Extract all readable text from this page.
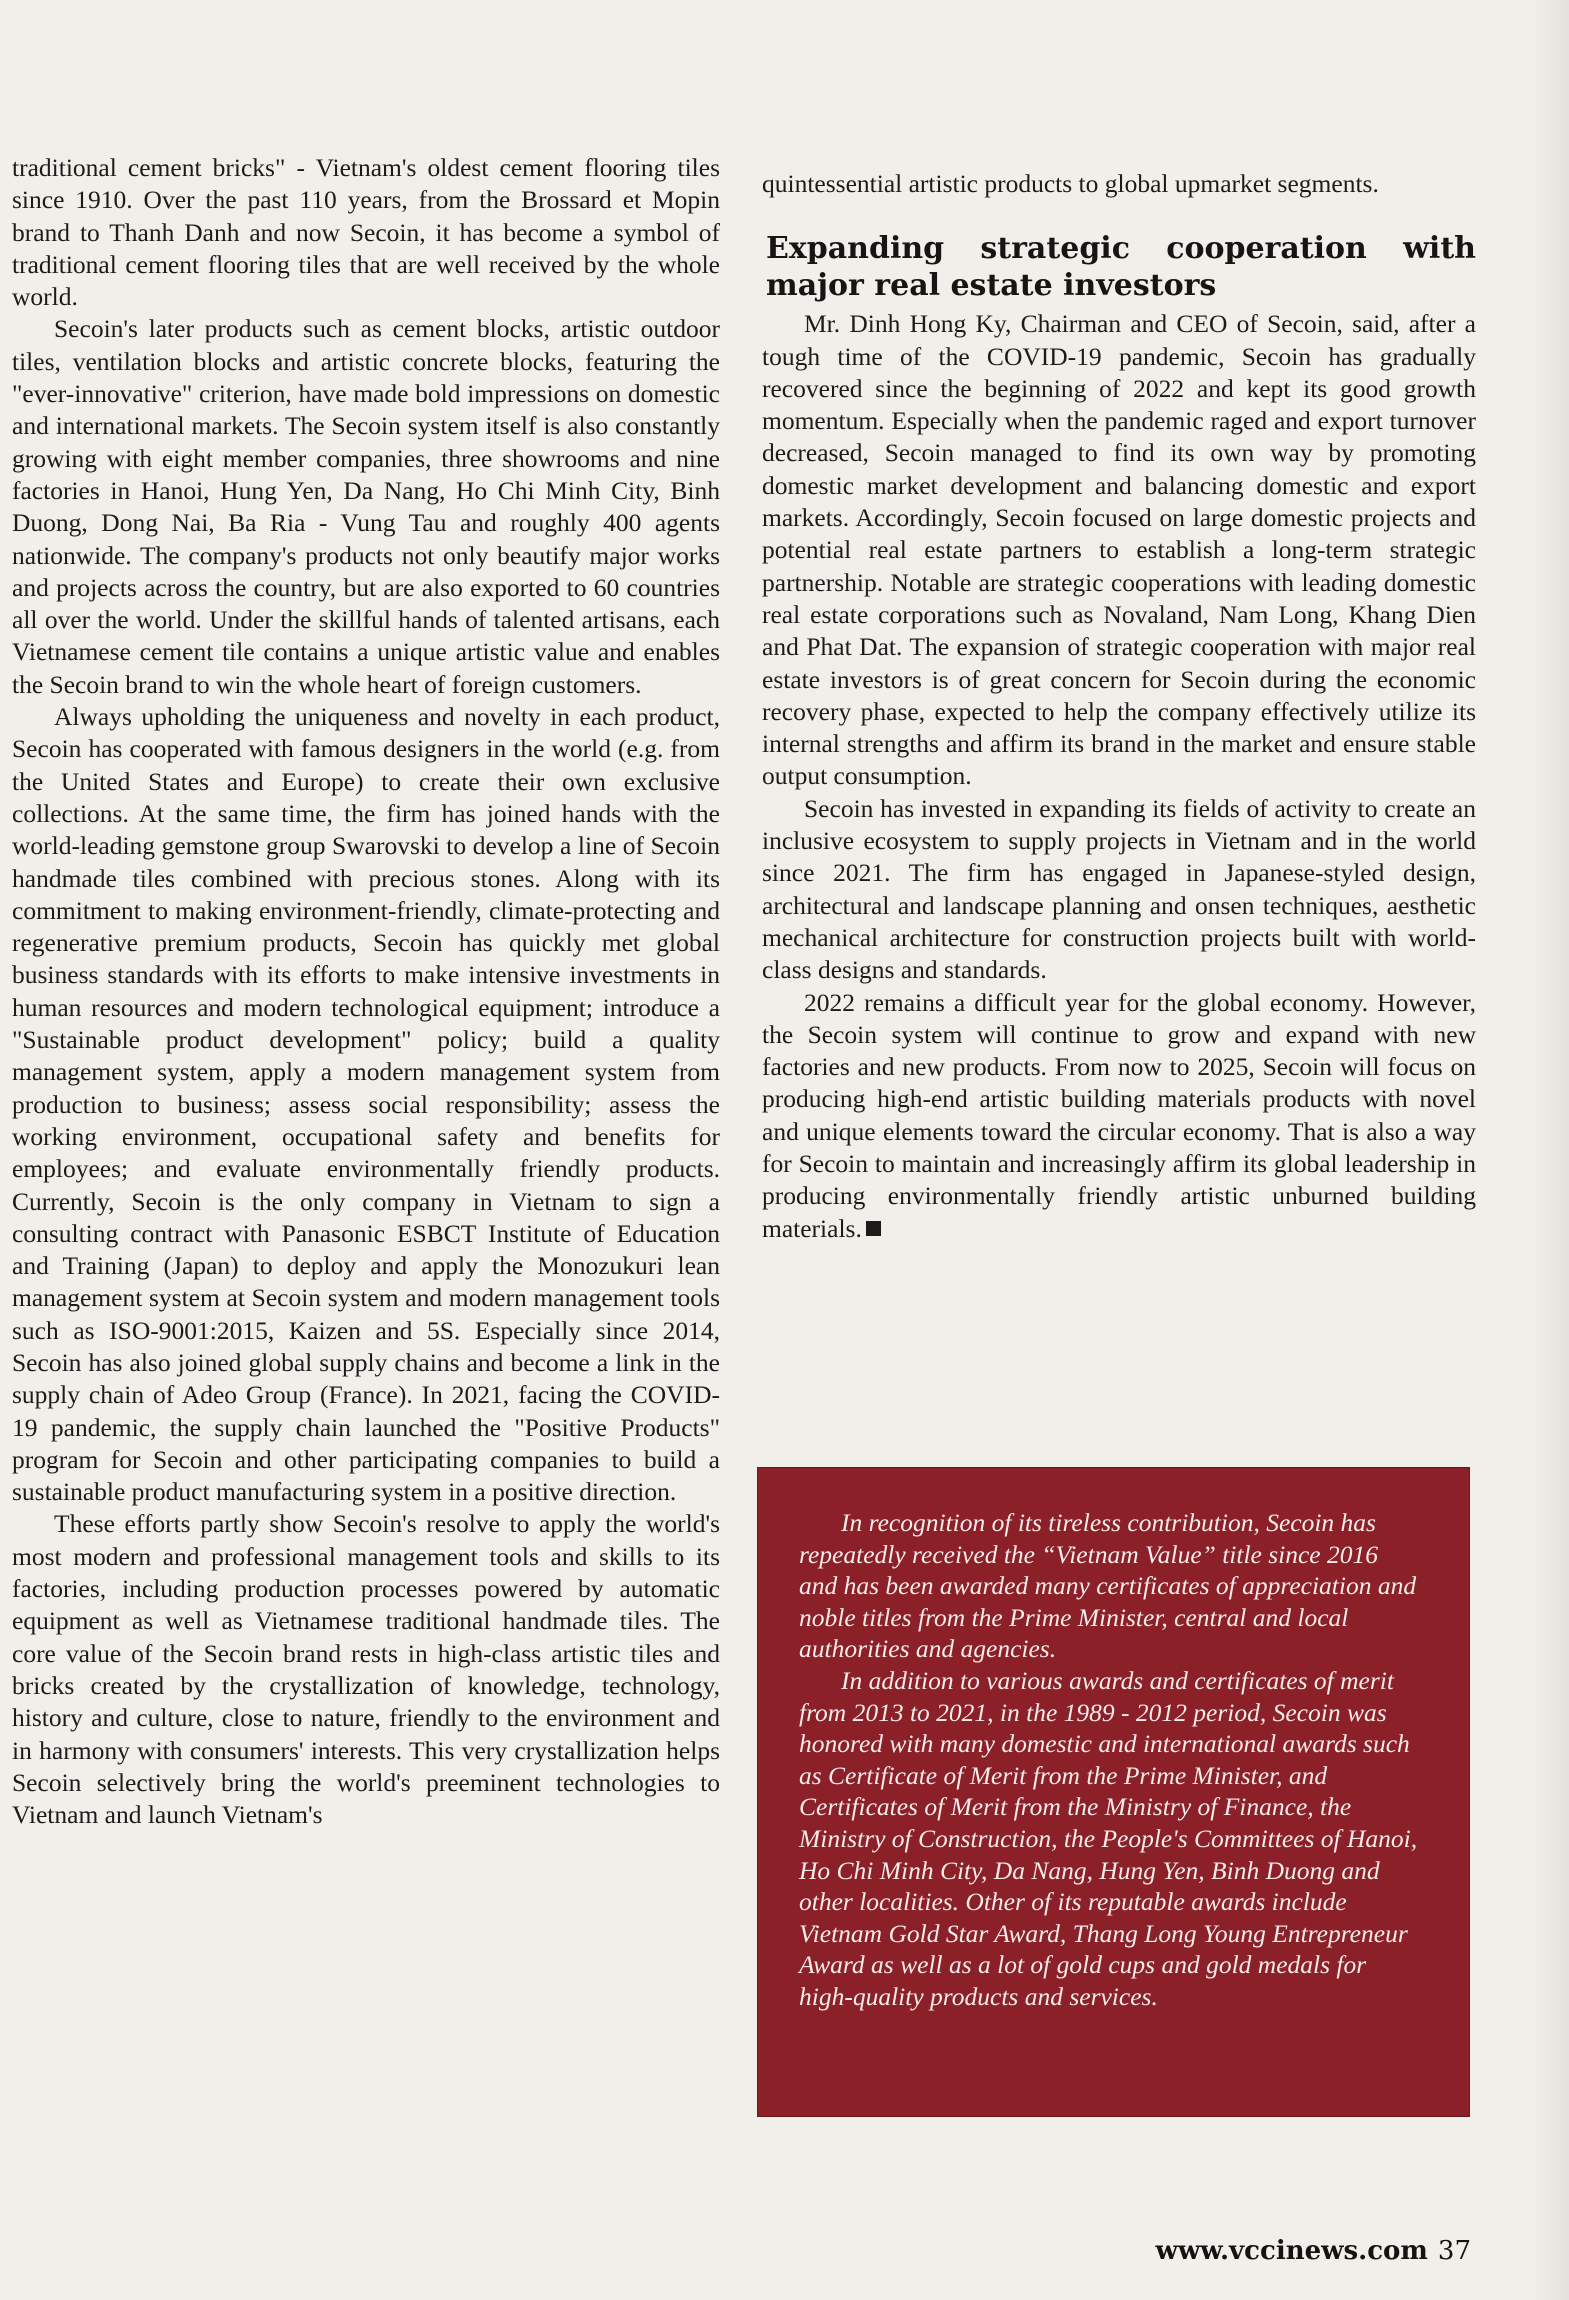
traditional cement bricks" - Vietnam's oldest cement flooring tiles since 1910. Over the past 110 years, from the Brossard et Mopin brand to Thanh Danh and now Secoin, it has become a symbol of traditional cement flooring tiles that are well received by the whole world.

Secoin's later products such as cement blocks, artistic outdoor tiles, ventilation blocks and artistic concrete blocks, featuring the "ever-innovative" criterion, have made bold impressions on domestic and international markets. The Secoin system itself is also constantly growing with eight member companies, three showrooms and nine factories in Hanoi, Hung Yen, Da Nang, Ho Chi Minh City, Binh Duong, Dong Nai, Ba Ria - Vung Tau and roughly 400 agents nationwide. The company's products not only beautify major works and projects across the country, but are also exported to 60 countries all over the world. Under the skillful hands of talented artisans, each Vietnamese cement tile contains a unique artistic value and enables the Secoin brand to win the whole heart of foreign customers.

Always upholding the uniqueness and novelty in each product, Secoin has cooperated with famous designers in the world (e.g. from the United States and Europe) to create their own exclusive collections. At the same time, the firm has joined hands with the world-leading gemstone group Swarovski to develop a line of Secoin handmade tiles combined with precious stones. Along with its commitment to making environment-friendly, climate-protecting and regenerative premium products, Secoin has quickly met global business standards with its efforts to make intensive investments in human resources and modern technological equipment; introduce a "Sustainable product development" policy; build a quality management system, apply a modern management system from production to business; assess social responsibility; assess the working environment, occupational safety and benefits for employees; and evaluate environmentally friendly products. Currently, Secoin is the only company in Vietnam to sign a consulting contract with Panasonic ESBCT Institute of Education and Training (Japan) to deploy and apply the Monozukuri lean management system at Secoin system and modern management tools such as ISO-9001:2015, Kaizen and 5S. Especially since 2014, Secoin has also joined global supply chains and become a link in the supply chain of Adeo Group (France). In 2021, facing the COVID-19 pandemic, the supply chain launched the "Positive Products" program for Secoin and other participating companies to build a sustainable product manufacturing system in a positive direction.

These efforts partly show Secoin's resolve to apply the world's most modern and professional management tools and skills to its factories, including production processes powered by automatic equipment as well as Vietnamese traditional handmade tiles. The core value of the Secoin brand rests in high-class artistic tiles and bricks created by the crystallization of knowledge, technology, history and culture, close to nature, friendly to the environment and in harmony with consumers' interests. This very crystallization helps Secoin selectively bring the world's preeminent technologies to Vietnam and launch Vietnam's

quintessential artistic products to global upmarket segments.

Expanding strategic cooperation with major real estate investors

Mr. Dinh Hong Ky, Chairman and CEO of Secoin, said, after a tough time of the COVID-19 pandemic, Secoin has gradually recovered since the beginning of 2022 and kept its good growth momentum. Especially when the pandemic raged and export turnover decreased, Secoin managed to find its own way by promoting domestic market development and balancing domestic and export markets. Accordingly, Secoin focused on large domestic projects and potential real estate partners to establish a long-term strategic partnership. Notable are strategic cooperations with leading domestic real estate corporations such as Novaland, Nam Long, Khang Dien and Phat Dat. The expansion of strategic cooperation with major real estate investors is of great concern for Secoin during the economic recovery phase, expected to help the company effectively utilize its internal strengths and affirm its brand in the market and ensure stable output consumption.

Secoin has invested in expanding its fields of activity to create an inclusive ecosystem to supply projects in Vietnam and in the world since 2021. The firm has engaged in Japanese-styled design, architectural and landscape planning and onsen techniques, aesthetic mechanical architecture for construction projects built with world-class designs and standards.

2022 remains a difficult year for the global economy. However, the Secoin system will continue to grow and expand with new factories and new products. From now to 2025, Secoin will focus on producing high-end artistic building materials products with novel and unique elements toward the circular economy. That is also a way for Secoin to maintain and increasingly affirm its global leadership in producing environmentally friendly artistic unburned building materials.

In recognition of its tireless contribution, Secoin has repeatedly received the “Vietnam Value” title since 2016 and has been awarded many certificates of appreciation and noble titles from the Prime Minister, central and local authorities and agencies.

In addition to various awards and certificates of merit from 2013 to 2021, in the 1989 - 2012 period, Secoin was honored with many domestic and international awards such as Certificate of Merit from the Prime Minister, and Certificates of Merit from the Ministry of Finance, the Ministry of Construction, the People's Committees of Hanoi, Ho Chi Minh City, Da Nang, Hung Yen, Binh Duong and other localities. Other of its reputable awards include Vietnam Gold Star Award, Thang Long Young Entrepreneur Award as well as a lot of gold cups and gold medals for high-quality products and services.

www.vccinews.com 37
